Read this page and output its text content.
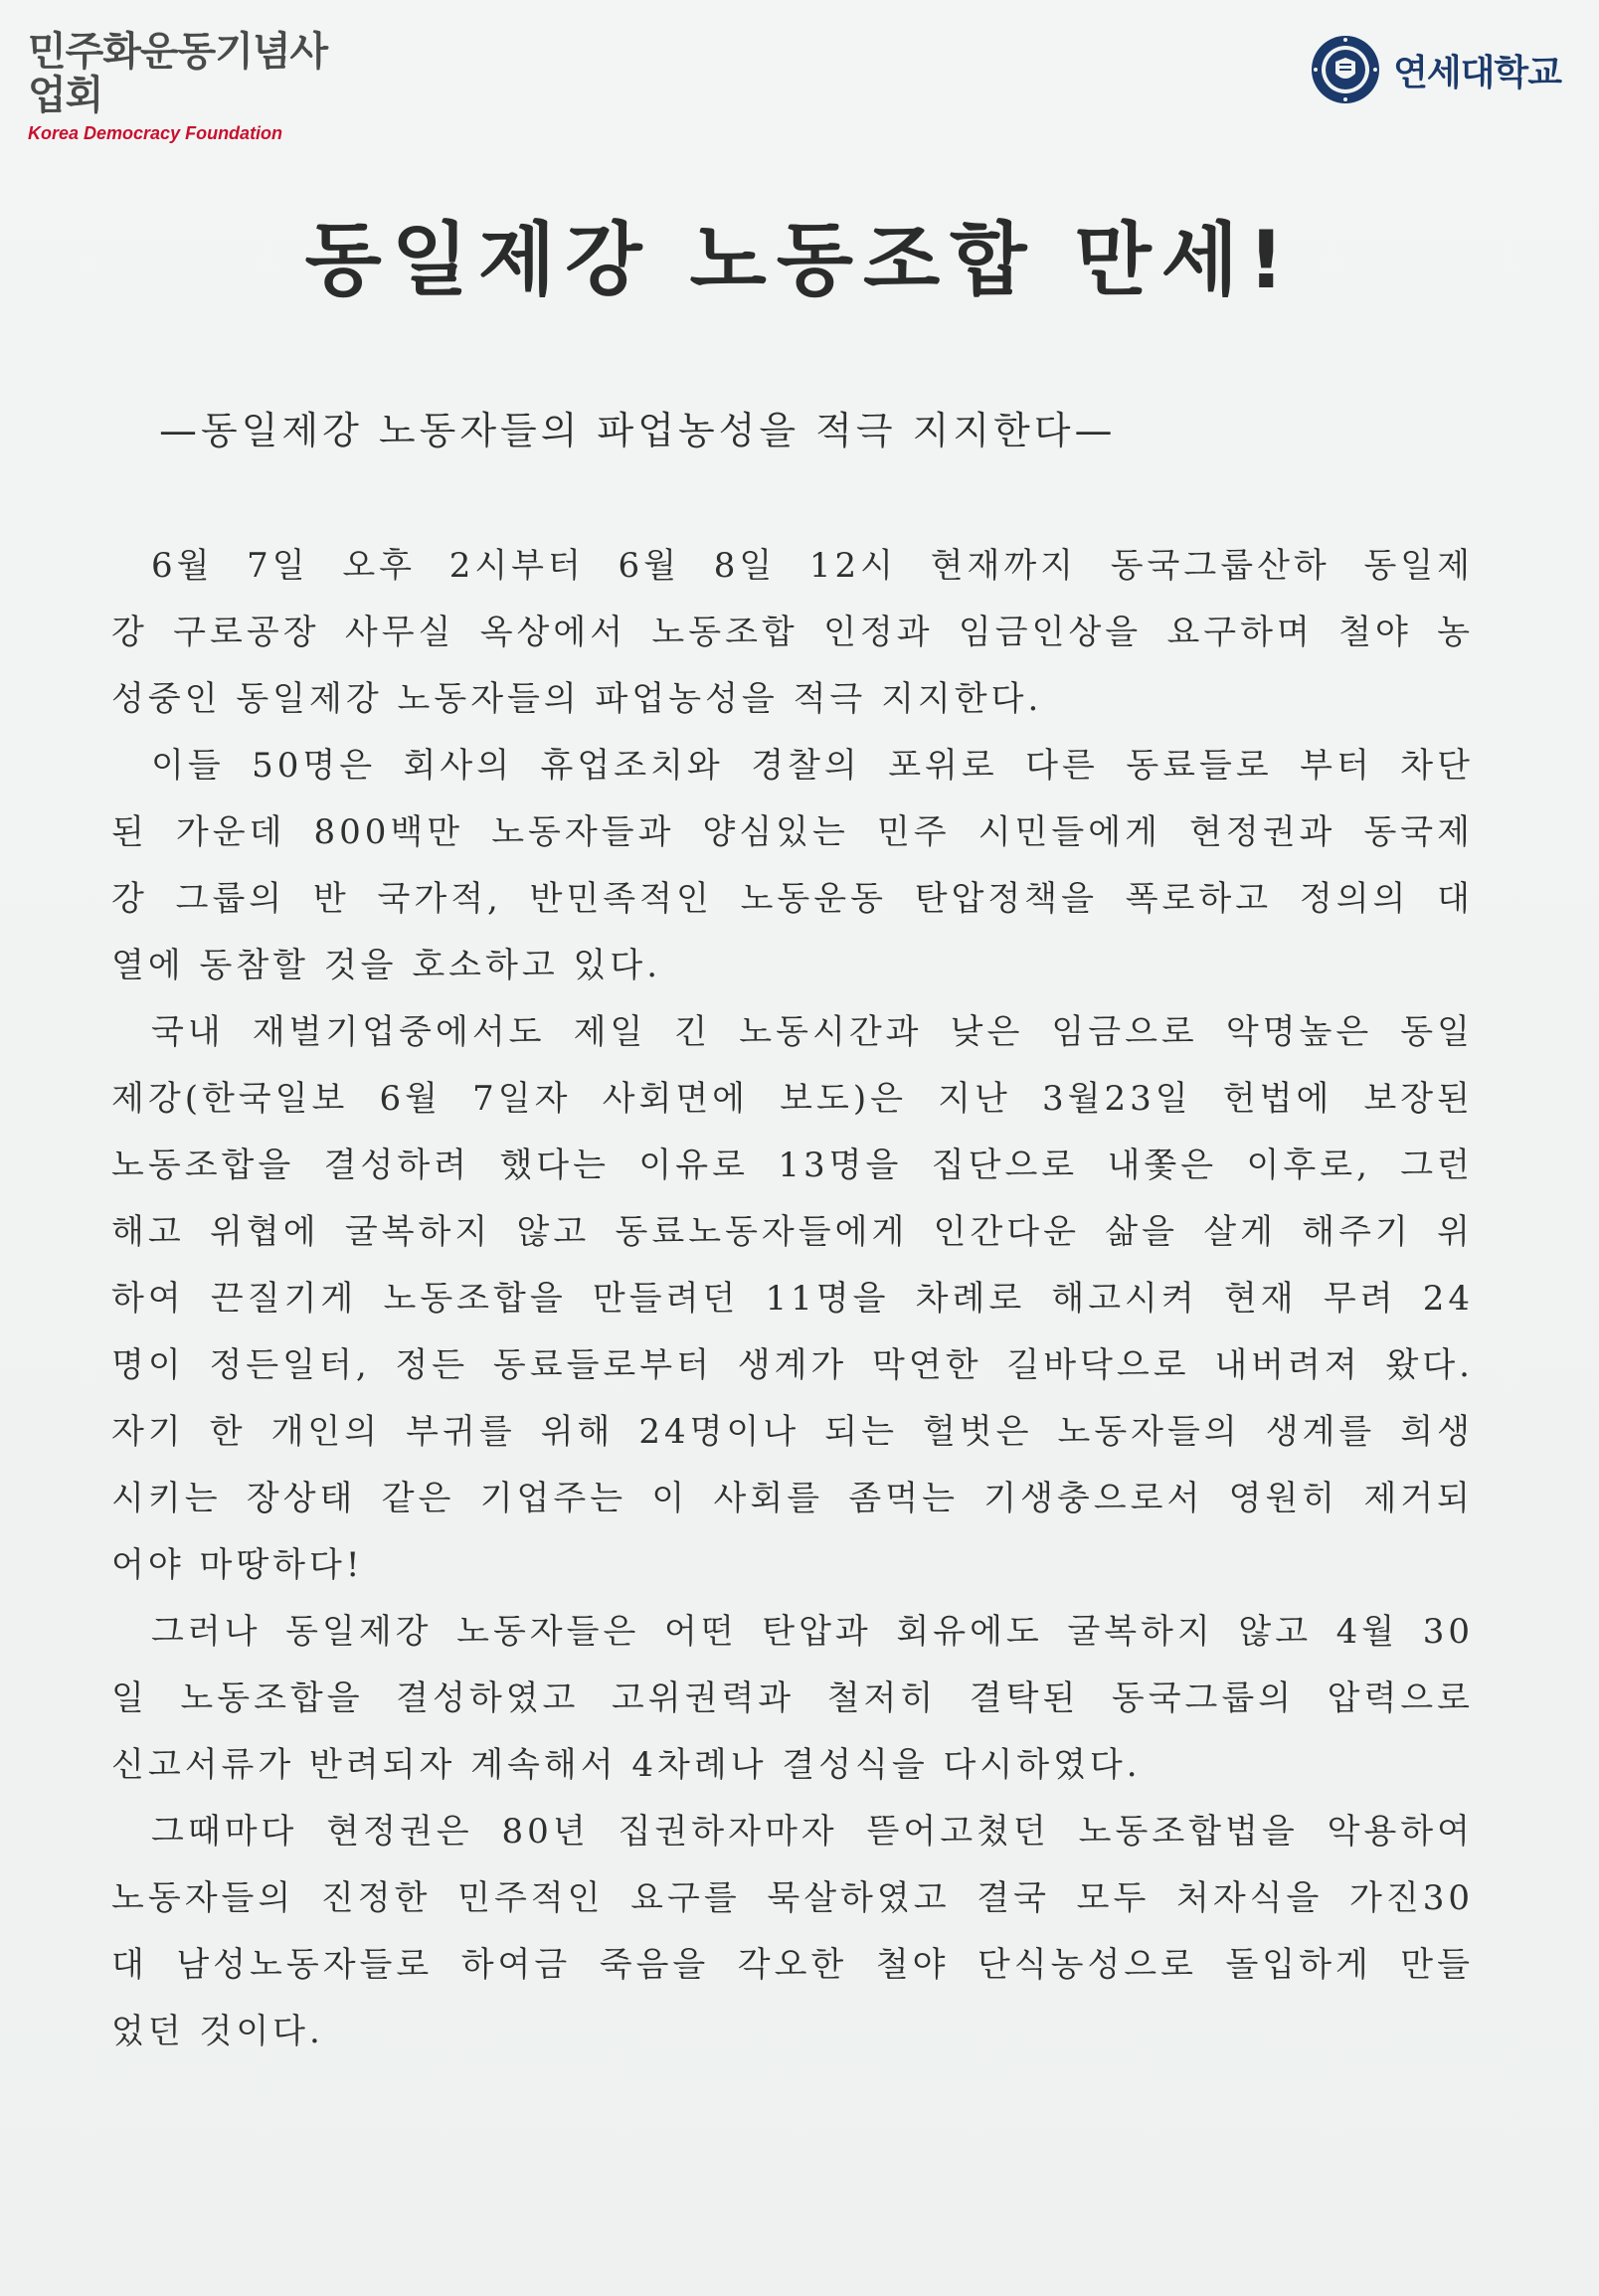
민주화운동기념사업회
Korea Democracy Foundation
연세대학교
동일제강 노동조합 만세!
—동일제강 노동자들의 파업농성을 적극 지지한다—
6월 7일 오후 2시부터 6월 8일 12시 현재까지 동국그룹산하 동일제
강 구로공장 사무실 옥상에서 노동조합 인정과 임금인상을 요구하며 철야 농
성중인 동일제강 노동자들의 파업농성을 적극 지지한다.
이들 50명은 회사의 휴업조치와 경찰의 포위로 다른 동료들로 부터 차단
된 가운데 800백만 노동자들과 양심있는 민주 시민들에게 현정권과 동국제
강 그룹의 반 국가적, 반민족적인 노동운동 탄압정책을 폭로하고 정의의 대
열에 동참할 것을 호소하고 있다.
국내 재벌기업중에서도 제일 긴 노동시간과 낮은 임금으로 악명높은 동일
제강(한국일보 6월 7일자 사회면에 보도)은 지난 3월23일 헌법에 보장된
노동조합을 결성하려 했다는 이유로 13명을 집단으로 내쫓은 이후로, 그런
해고 위협에 굴복하지 않고 동료노동자들에게 인간다운 삶을 살게 해주기 위
하여 끈질기게 노동조합을 만들려던 11명을 차례로 해고시켜 현재 무려 24
명이 정든일터, 정든 동료들로부터 생계가 막연한 길바닥으로 내버려져 왔다.
자기 한 개인의 부귀를 위해 24명이나 되는 헐벗은 노동자들의 생계를 희생
시키는 장상태 같은 기업주는 이 사회를 좀먹는 기생충으로서 영원히 제거되
어야 마땅하다!
그러나 동일제강 노동자들은 어떤 탄압과 회유에도 굴복하지 않고 4월 30
일 노동조합을 결성하였고 고위권력과 철저히 결탁된 동국그룹의 압력으로
신고서류가 반려되자 계속해서 4차례나 결성식을 다시하였다.
그때마다 현정권은 80년 집권하자마자 뜯어고쳤던 노동조합법을 악용하여
노동자들의 진정한 민주적인 요구를 묵살하였고 결국 모두 처자식을 가진30
대 남성노동자들로 하여금 죽음을 각오한 철야 단식농성으로 돌입하게 만들
었던 것이다.
